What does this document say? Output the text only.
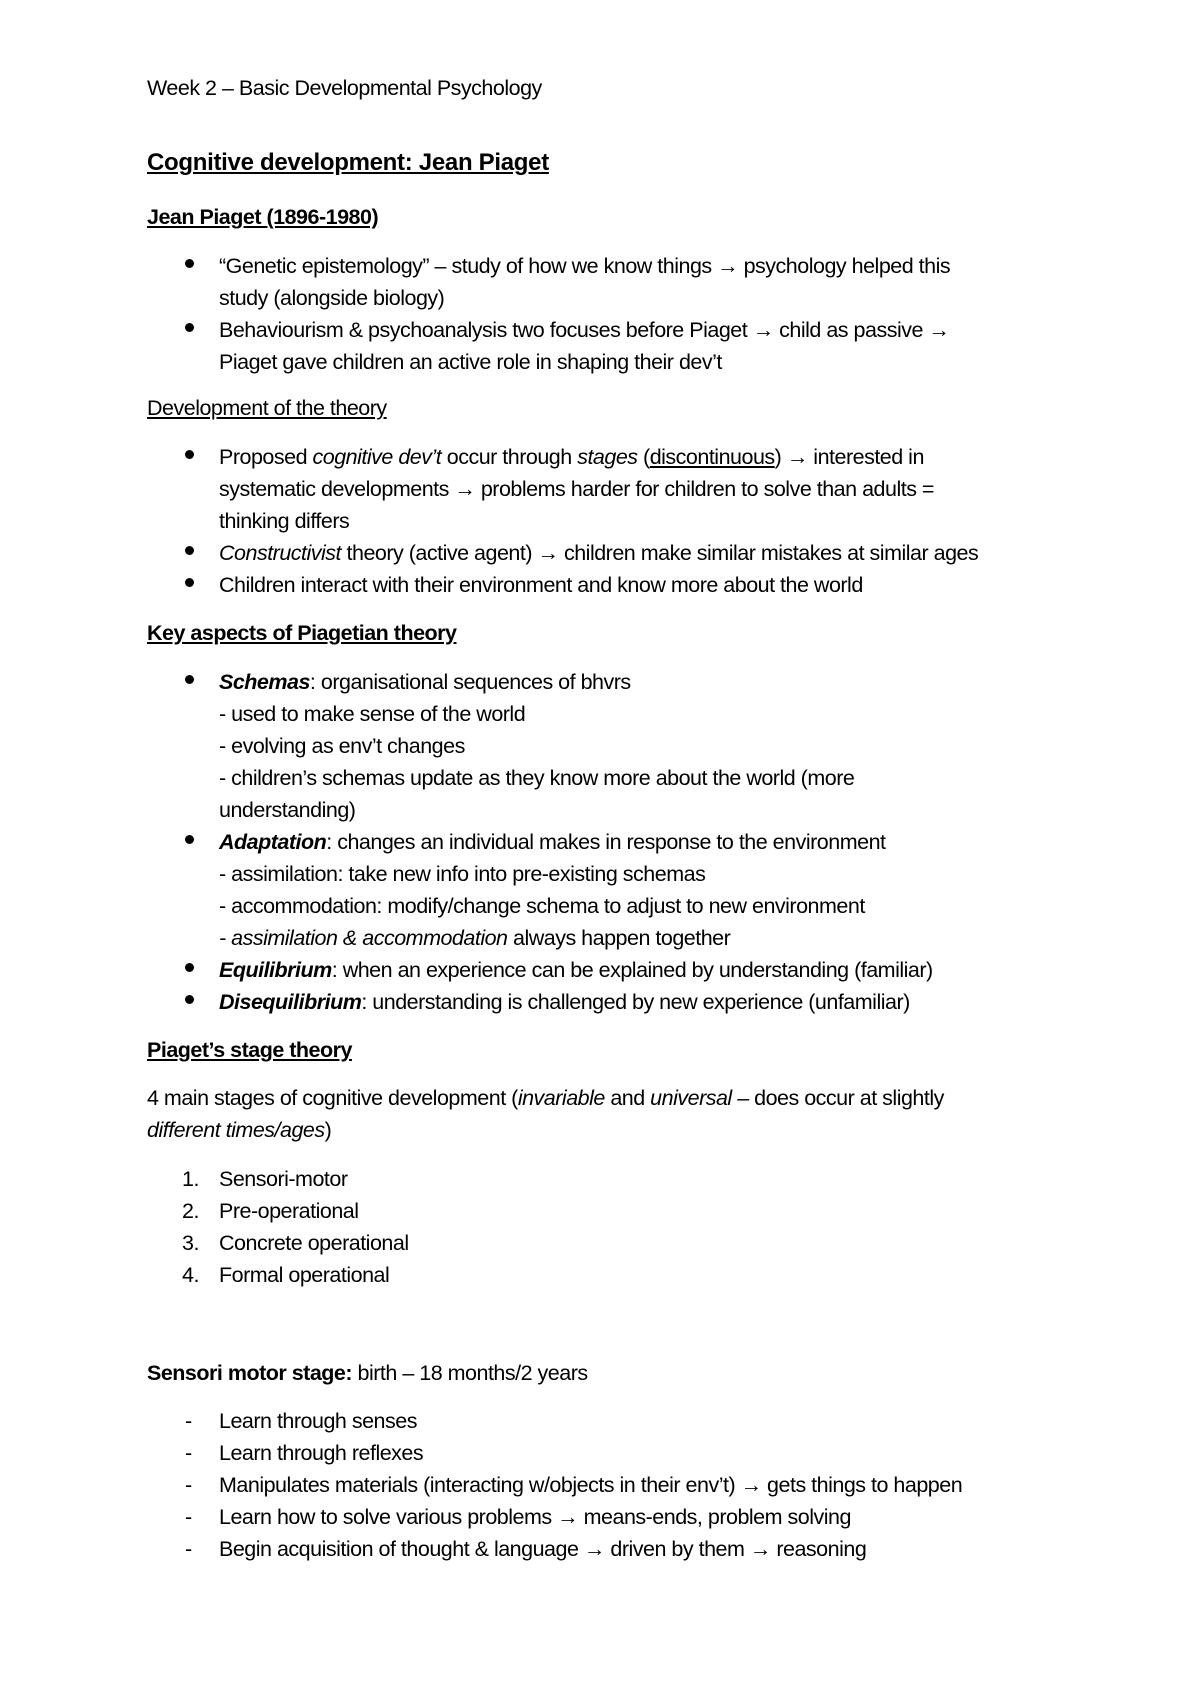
Week 2 – Basic Developmental Psychology
Cognitive development: Jean Piaget
Jean Piaget (1896-1980)
“Genetic epistemology” – study of how we know things → psychology helped this
study (alongside biology)
Behaviourism & psychoanalysis two focuses before Piaget → child as passive →
Piaget gave children an active role in shaping their dev’t
Development of the theory
Proposed cognitive dev’t occur through stages (discontinuous) → interested in
systematic developments → problems harder for children to solve than adults =
thinking differs
Constructivist theory (active agent) → children make similar mistakes at similar ages
Children interact with their environment and know more about the world
Key aspects of Piagetian theory
Schemas: organisational sequences of bhvrs
- used to make sense of the world
- evolving as env’t changes
- children’s schemas update as they know more about the world (more
understanding)
Adaptation: changes an individual makes in response to the environment
- assimilation: take new info into pre-existing schemas
- accommodation: modify/change schema to adjust to new environment
- assimilation & accommodation always happen together
Equilibrium: when an experience can be explained by understanding (familiar)
Disequilibrium: understanding is challenged by new experience (unfamiliar)
Piaget’s stage theory
4 main stages of cognitive development (invariable and universal – does occur at slightly
different times/ages)
1. Sensori-motor
2. Pre-operational
3. Concrete operational
4. Formal operational
Sensori motor stage: birth – 18 months/2 years
- Learn through senses
- Learn through reflexes
- Manipulates materials (interacting w/objects in their env’t) → gets things to happen
- Learn how to solve various problems → means-ends, problem solving
- Begin acquisition of thought & language → driven by them → reasoning
